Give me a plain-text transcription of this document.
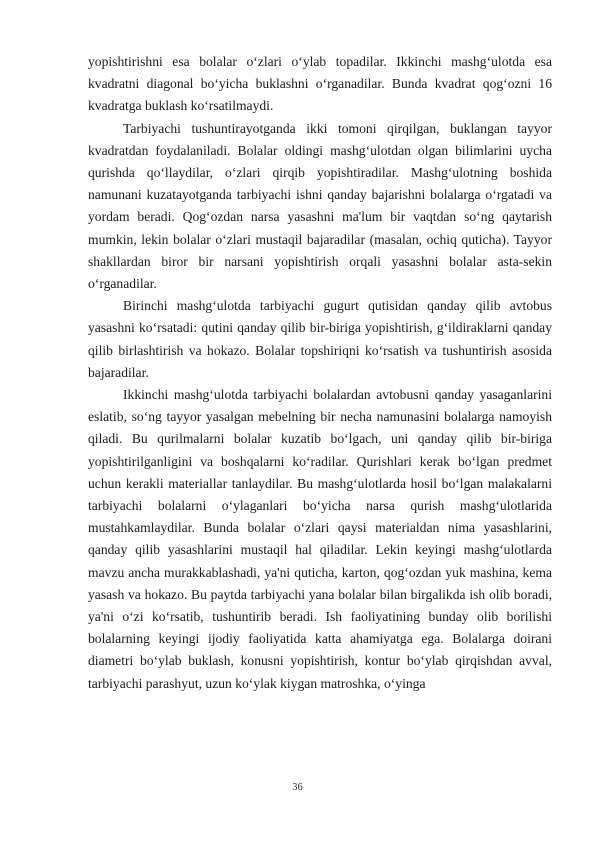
yopishtirishni esa bolalar o‘zlari o‘ylab topadilar. Ikkinchi mashg‘ulotda esa kvadratni diagonal bo‘yicha buklashni o‘rganadilar. Bunda kvadrat qog‘ozni 16 kvadratga buklash ko‘rsatilmaydi.

Tarbiyachi tushuntirayotganda ikki tomoni qirqilgan, buklangan tayyor kvadratdan foydalaniladi. Bolalar oldingi mashg‘ulotdan olgan bilimlarini uycha qurishda qo‘llaydilar, o‘zlari qirqib yopishtiradilar. Mashg‘ulotning boshida namunani kuzatayotganda tarbiyachi ishni qanday bajarishni bolalarga o‘rgatadi va yordam beradi. Qog‘ozdan narsa yasashni ma'lum bir vaqtdan so‘ng qaytarish mumkin, lekin bolalar o‘zlari mustaqil bajaradilar (masalan, ochiq quticha). Tayyor shakllardan biror bir narsani yopishtirish orqali yasashni bolalar asta-sekin o‘rganadilar.

Birinchi mashg‘ulotda tarbiyachi gugurt qutisidan qanday qilib avtobus yasashni ko‘rsatadi: qutini qanday qilib bir-biriga yopishtirish, g‘ildiraklarni qanday qilib birlashtirish va hokazo. Bolalar topshiriqni ko‘rsatish va tushuntirish asosida bajaradilar.

Ikkinchi mashg‘ulotda tarbiyachi bolalardan avtobusni qanday yasaganlarini eslatib, so‘ng tayyor yasalgan mebelning bir necha namunasini bolalarga namoyish qiladi. Bu qurilmalarni bolalar kuzatib bo‘lgach, uni qanday qilib bir-biriga yopishtirilganligini va boshqalarni ko‘radilar. Qurishlari kerak bo‘lgan predmet uchun kerakli materiallar tanlaydilar. Bu mashg‘ulotlarda hosil bo‘lgan malakalarni tarbiyachi bolalarni o‘ylaganlari bo‘yicha narsa qurish mashg‘ulotlarida mustahkamlaydilar. Bunda bolalar o‘zlari qaysi materialdan nima yasashlarini, qanday qilib yasashlarini mustaqil hal qiladilar. Lekin keyingi mashg‘ulotlarda mavzu ancha murakkablashadi, ya'ni quticha, karton, qog‘ozdan yuk mashina, kema yasash va hokazo. Bu paytda tarbiyachi yana bolalar bilan birgalikda ish olib boradi, ya'ni o‘zi ko‘rsatib, tushuntirib beradi. Ish faoliyatining bunday olib borilishi bolalarning keyingi ijodiy faoliyatida katta ahamiyatga ega. Bolalarga doirani diametri bo‘ylab buklash, konusni yopishtirish, kontur bo‘ylab qirqishdan avval, tarbiyachi parashyut, uzun ko‘ylak kiygan matroshka, o‘yinga

36
